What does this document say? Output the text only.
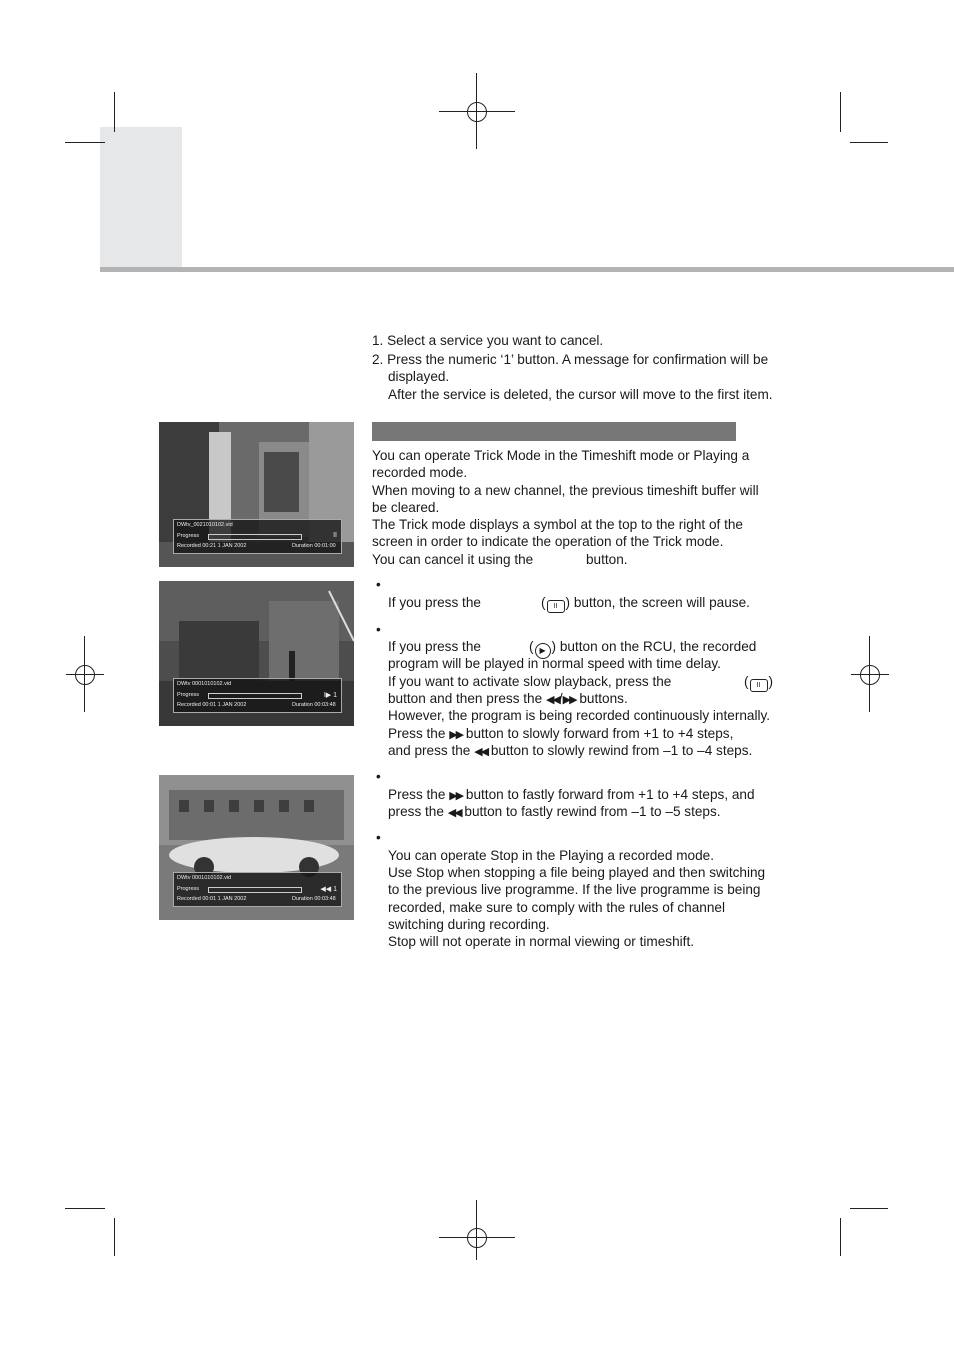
1. Select a service you want to cancel.
2. Press the numeric ‘1’ button. A message for confirmation will be
displayed.
After the service is deleted, the cursor will move to the first item.
You can operate Trick Mode in the Timeshift mode or Playing a
recorded mode.
When moving to a new channel, the previous timeshift buffer will
be cleared.
The Trick mode displays a symbol at the top to the right of the
screen in order to indicate the operation of the Trick mode.
You can cancel it using the	button.
•
If you press the	( II ) button, the screen will pause.
•
If you press the	( ▶ ) button on the RCU, the recorded
program will be played in normal speed with time delay.
If you want to activate slow playback, press the	( II )
button and then press the ◀◀/▶▶ buttons.
However, the program is being recorded continuously internally.
Press the ▶▶ button to slowly forward from +1 to +4 steps,
and press the ◀◀ button to slowly rewind from –1 to –4 steps.
•
Press the ▶▶ button to fastly forward from +1 to +4 steps, and
press the ◀◀ button to fastly rewind from –1 to –5 steps.
•
You can operate Stop in the Playing a recorded mode.
Use Stop when stopping a file being played and then switching
to the previous live programme. If the live programme is being
recorded, make sure to comply with the rules of channel
switching during recording.
Stop will not operate in normal viewing or timeshift.
DWtv_0021010102.vid
Progress	II
Recorded 00:21 1 JAN 2002	Duration 00:01:00
DWtv 0001010102.vid
Progress	I▶ 1
Recorded 00:01 1 JAN 2002	Duration 00:03:48
DWtv 0001010102.vid
Progress	◀◀ 1
Recorded 00:01 1 JAN 2002	Duration 00:03:48
